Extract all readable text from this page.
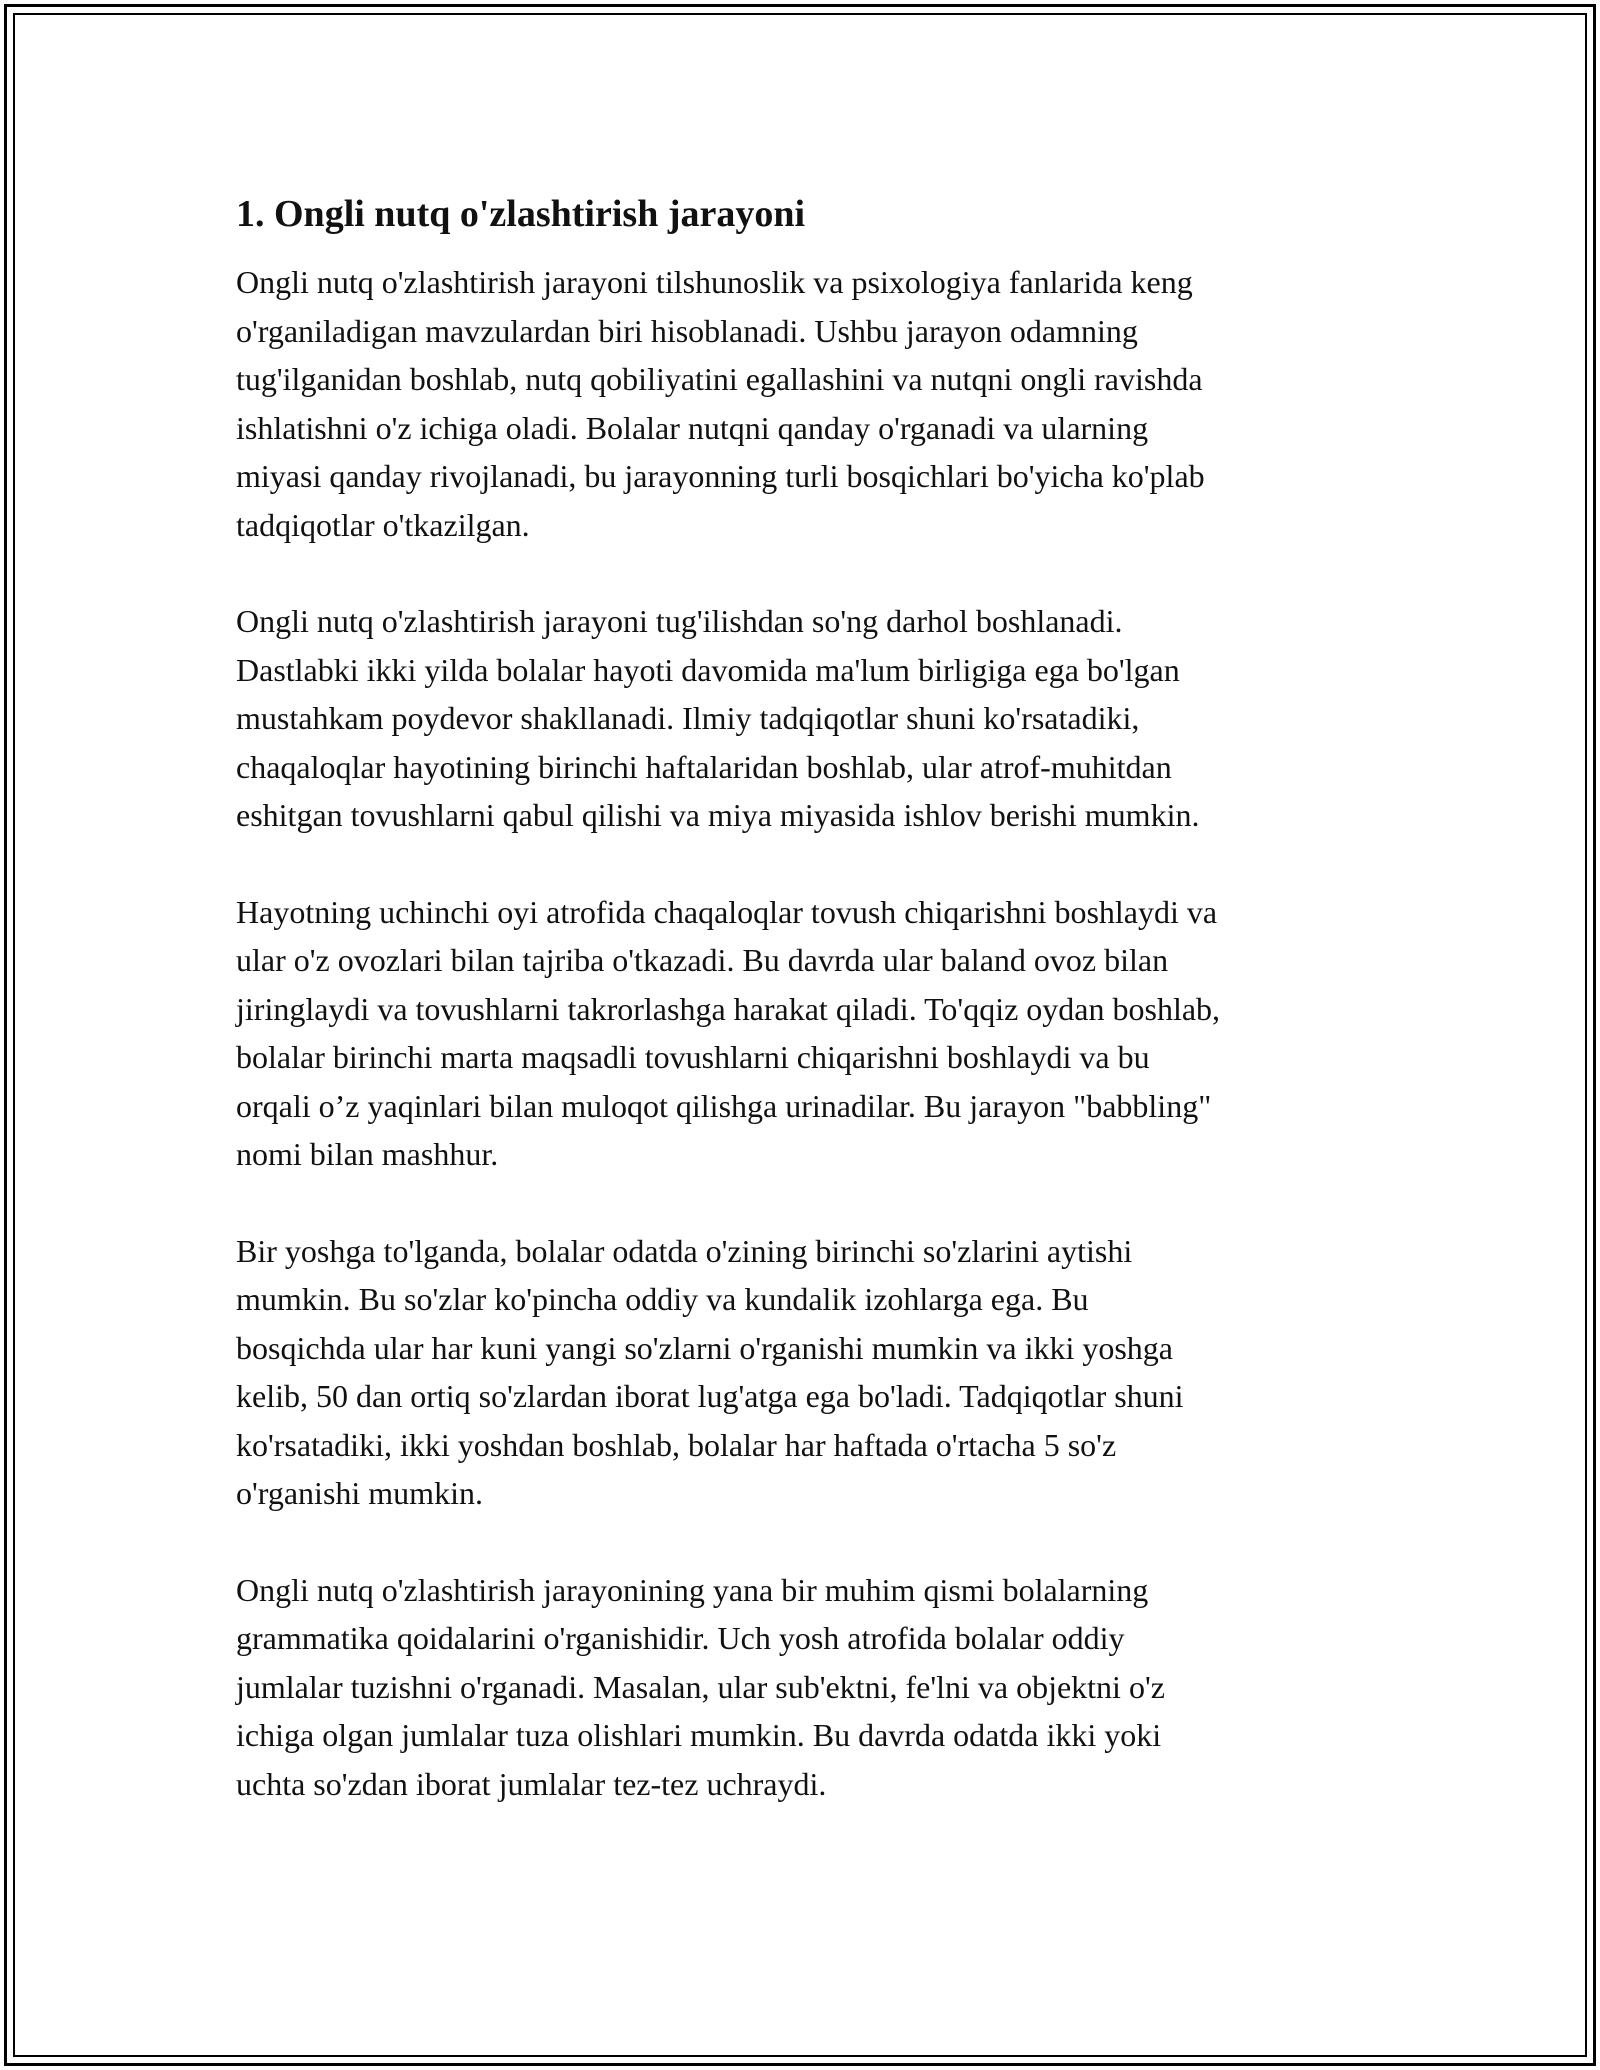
1. Ongli nutq o'zlashtirish jarayoni

Ongli nutq o'zlashtirish jarayoni tilshunoslik va psixologiya fanlarida keng
o'rganiladigan mavzulardan biri hisoblanadi. Ushbu jarayon odamning
tug'ilganidan boshlab, nutq qobiliyatini egallashini va nutqni ongli ravishda
ishlatishni o'z ichiga oladi. Bolalar nutqni qanday o'rganadi va ularning
miyasi qanday rivojlanadi, bu jarayonning turli bosqichlari bo'yicha ko'plab
tadqiqotlar o'tkazilgan.

Ongli nutq o'zlashtirish jarayoni tug'ilishdan so'ng darhol boshlanadi.
Dastlabki ikki yilda bolalar hayoti davomida ma'lum birligiga ega bo'lgan
mustahkam poydevor shakllanadi. Ilmiy tadqiqotlar shuni ko'rsatadiki,
chaqaloqlar hayotining birinchi haftalaridan boshlab, ular atrof-muhitdan
eshitgan tovushlarni qabul qilishi va miya miyasida ishlov berishi mumkin.

Hayotning uchinchi oyi atrofida chaqaloqlar tovush chiqarishni boshlaydi va
ular o'z ovozlari bilan tajriba o'tkazadi. Bu davrda ular baland ovoz bilan
jiringlaydi va tovushlarni takrorlashga harakat qiladi. To'qqiz oydan boshlab,
bolalar birinchi marta maqsadli tovushlarni chiqarishni boshlaydi va bu
orqali o’z yaqinlari bilan muloqot qilishga urinadilar. Bu jarayon "babbling"
nomi bilan mashhur.

Bir yoshga to'lganda, bolalar odatda o'zining birinchi so'zlarini aytishi
mumkin. Bu so'zlar ko'pincha oddiy va kundalik izohlarga ega. Bu
bosqichda ular har kuni yangi so'zlarni o'rganishi mumkin va ikki yoshga
kelib, 50 dan ortiq so'zlardan iborat lug'atga ega bo'ladi. Tadqiqotlar shuni
ko'rsatadiki, ikki yoshdan boshlab, bolalar har haftada o'rtacha 5 so'z
o'rganishi mumkin.

Ongli nutq o'zlashtirish jarayonining yana bir muhim qismi bolalarning
grammatika qoidalarini o'rganishidir. Uch yosh atrofida bolalar oddiy
jumlalar tuzishni o'rganadi. Masalan, ular sub'ektni, fe'lni va objektni o'z
ichiga olgan jumlalar tuza olishlari mumkin. Bu davrda odatda ikki yoki
uchta so'zdan iborat jumlalar tez-tez uchraydi.
